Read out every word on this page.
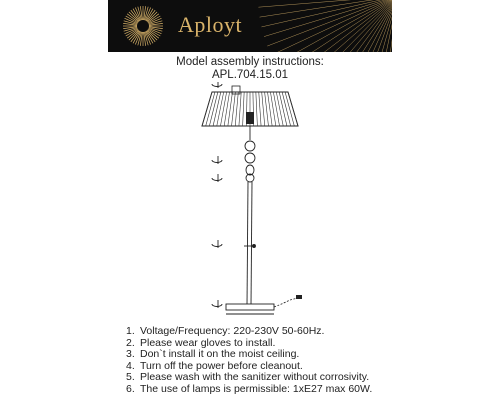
Aployt
Model assembly instructions:
APL.704.15.01
1. Voltage/Frequency: 220-230V 50-60Hz.
2. Please wear gloves to install.
3. Don`t install it on the moist ceiling.
4. Turn off the power before cleanout.
5. Please wash with the sanitizer without corrosivity.
6. The use of lamps is permissible: 1xE27 max 60W.
